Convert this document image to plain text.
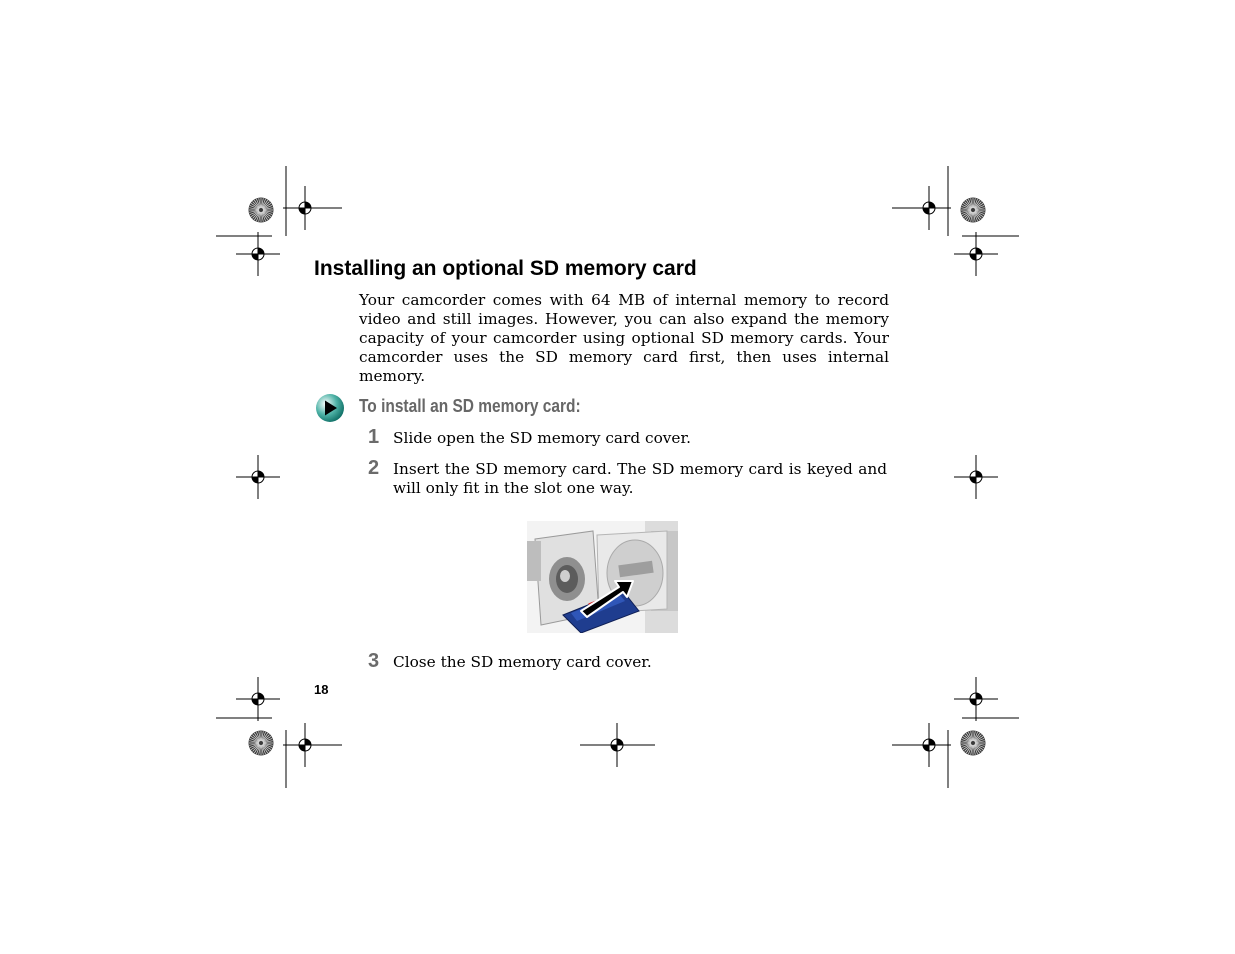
Installing an optional SD memory card

Your camcorder comes with 64 MB of internal memory to record video and still images. However, you can also expand the memory capacity of your camcorder using optional SD memory cards. Your camcorder uses the SD memory card first, then uses internal memory.

To install an SD memory card:
1 Slide open the SD memory card cover.
2 Insert the SD memory card. The SD memory card is keyed and will only fit in the slot one way.
3 Close the SD memory card cover.
18
